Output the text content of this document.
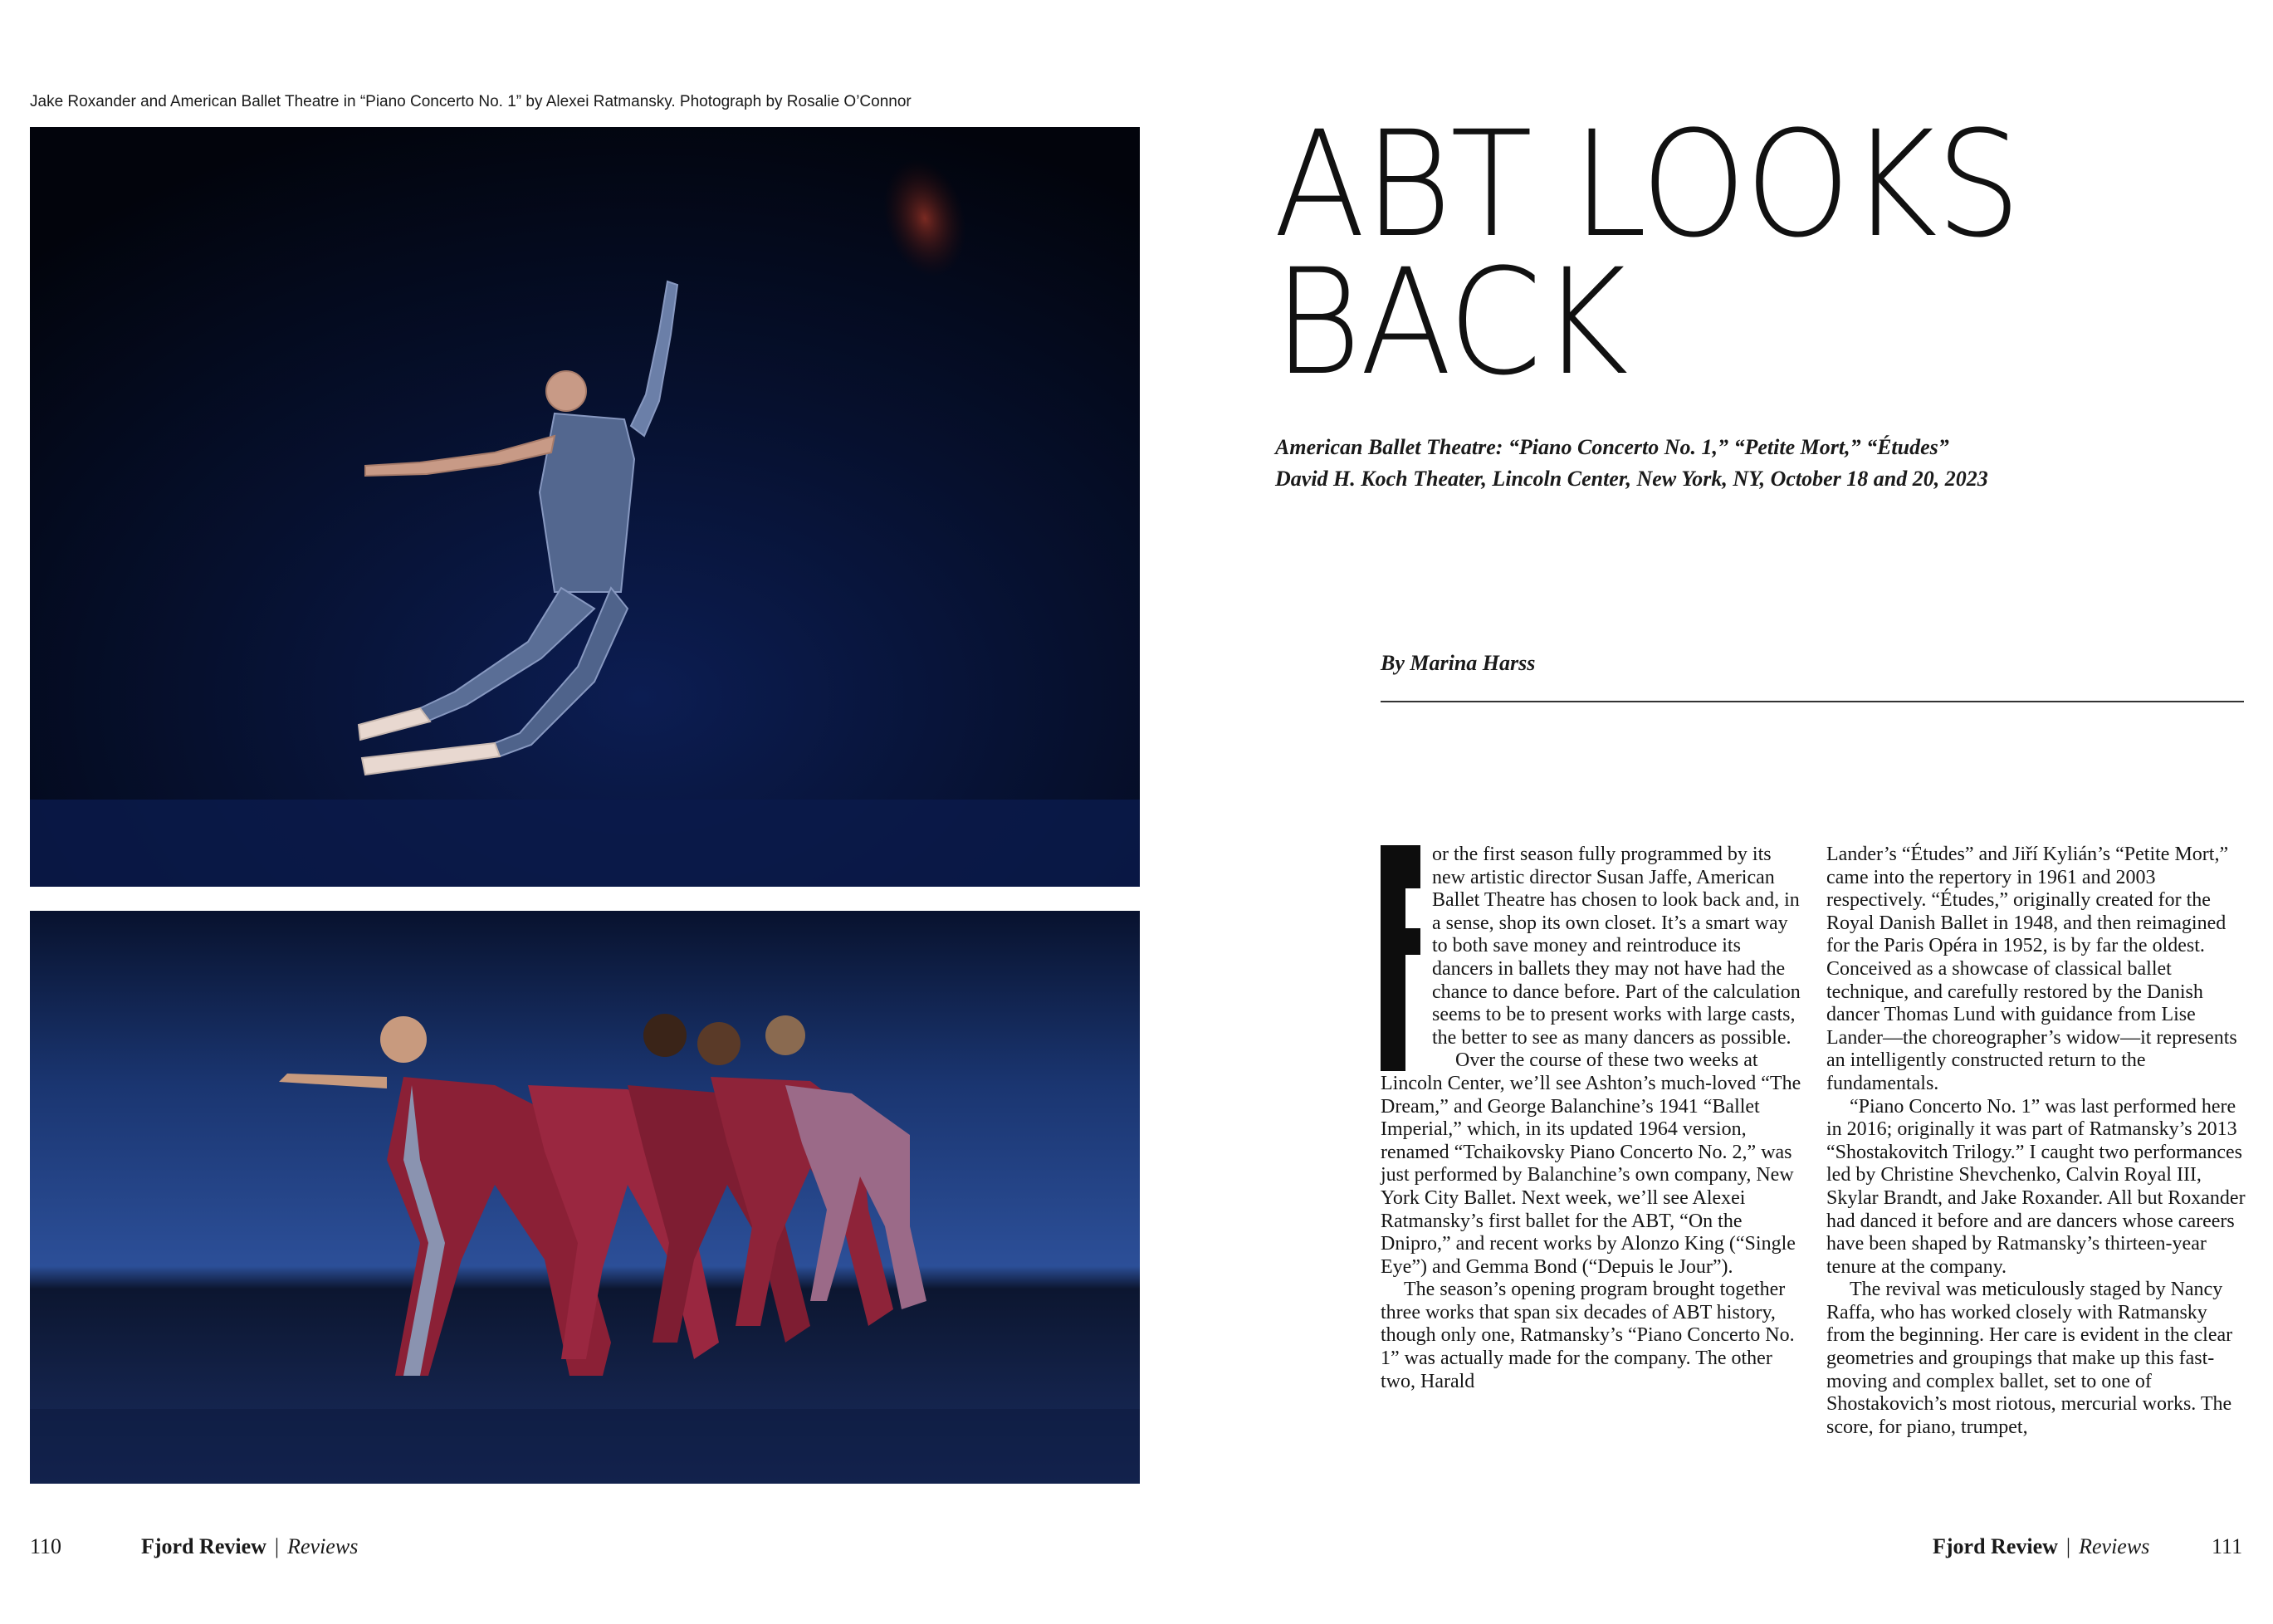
Jake Roxander and American Ballet Theatre in “Piano Concerto No. 1” by Alexei Ratmansky. Photograph by Rosalie O’Connor ABT LOOKS
BACK
American Ballet Theatre: “Piano Concerto No. 1,” “Petite Mort,” “Études”
David H. Koch Theater, Lincoln Center, New York, NY, October 18 and 20, 2023
By Marina Harss

or the first season fully programmed by its new artistic director Susan Jaffe, American Ballet Theatre has chosen to look back and, in a sense, shop its own closet. It’s a smart way to both save money and reintroduce its dancers in ballets they may not have had the chance to dance before. Part of the calculation seems to be to present works with large casts, the better to see as many dancers as possible.

Over the course of these two weeks at Lincoln Center, we’ll see Ashton’s much-loved “The Dream,” and George Balanchine’s 1941 “Ballet Imperial,” which, in its updated 1964 version, renamed “Tchaikovsky Piano Concerto No. 2,” was just performed by Balanchine’s own company, New York City Ballet. Next week, we’ll see Alexei Ratmansky’s first ballet for the ABT, “On the Dnipro,” and recent works by Alonzo King (“Single Eye”) and Gemma Bond (“Depuis le Jour”).

The season’s opening program brought together three works that span six decades of ABT history, though only one, Ratmansky’s “Piano Concerto No. 1” was actually made for the company. The other two, Harald

Lander’s “Études” and Jiří Kylián’s “Petite Mort,” came into the repertory in 1961 and 2003 respectively. “Études,” originally created for the Royal Danish Ballet in 1948, and then reimagined for the Paris Opéra in 1952, is by far the oldest. Conceived as a showcase of classical ballet technique, and carefully restored by the Danish dancer Thomas Lund with guidance from Lise Lander—the choreographer’s widow—it represents an intelligently constructed return to the fundamentals.

“Piano Concerto No. 1” was last performed here in 2016; originally it was part of Ratmansky’s 2013 “Shostakovitch Trilogy.” I caught two performances led by Christine Shevchenko, Calvin Royal III, Skylar Brandt, and Jake Roxander. All but Roxander had danced it before and are dancers whose careers have been shaped by Ratmansky’s thirteen-year tenure at the company.

The revival was meticulously staged by Nancy Raffa, who has worked closely with Ratmansky from the beginning. Her care is evident in the clear geometries and groupings that make up this fast-moving and complex ballet, set to one of Shostakovich’s most riotous, mercurial works. The score, for piano, trumpet,

110	Fjord Review | Reviews	Fjord Review | Reviews	111
